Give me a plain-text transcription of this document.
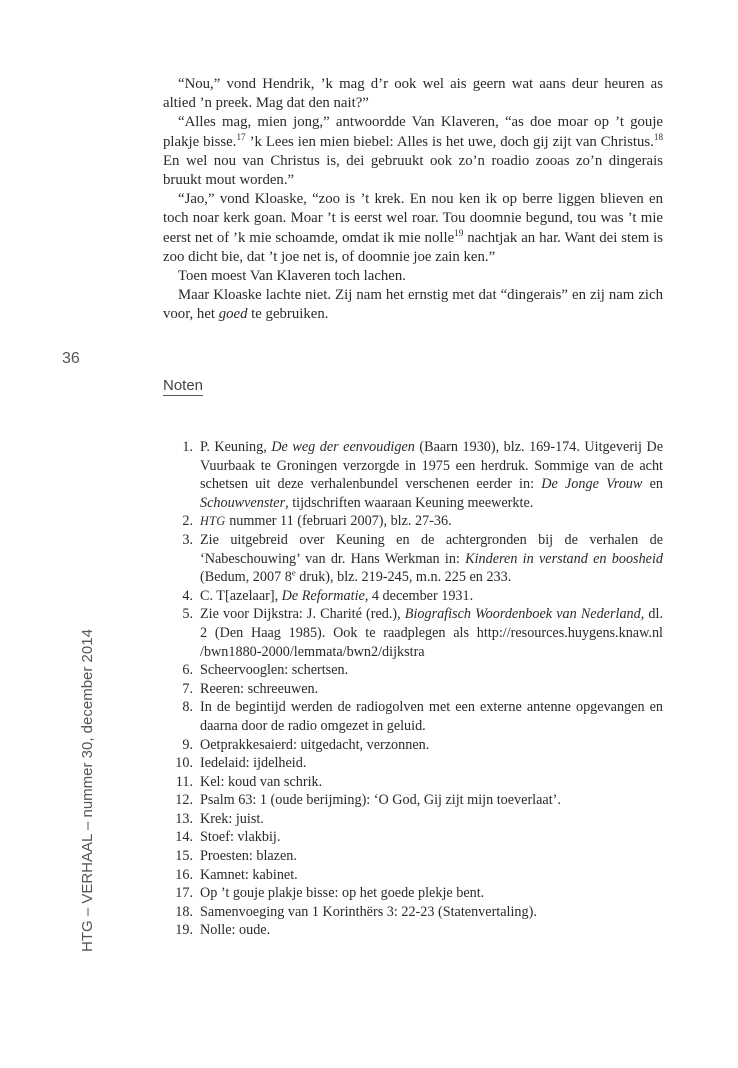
“Nou,” vond Hendrik, ’k mag d’r ook wel ais geern wat aans deur heuren as altied ’n preek. Mag dat den nait?”

“Alles mag, mien jong,” antwoordde Van Klaveren, “as doe moar op ’t gouje plakje bisse.$^{17}$ ’k Lees ien mien biebel: Alles is het uwe, doch gij zijt van Christus.$^{18}$ En wel nou van Christus is, dei gebruukt ook zo’n roadio zooas zo’n dingerais bruukt mout worden.”

“Jao,” vond Kloaske, “zoo is ’t krek. En nou ken ik op berre liggen blieven en toch noar kerk goan. Moar ’t is eerst wel roar. Tou doomnie begund, tou was ’t mie eerst net of ’k mie schoamde, omdat ik mie nolle$^{19}$ nachtjak an har. Want dei stem is zoo dicht bie, dat ’t joe net is, of doomnie joe zain ken.”

Toen moest Van Klaveren toch lachen.

Maar Kloaske lachte niet. Zij nam het ernstig met dat “dingerais” en zij nam zich voor, het goed te gebruiken.

36
Noten
1. P. Keuning, De weg der eenvoudigen (Baarn 1930), blz. 169-174. Uitgeverij De Vuurbaak te Groningen verzorgde in 1975 een herdruk. Sommige van de acht schetsen uit deze verhalenbundel verschenen eerder in: De Jonge Vrouw en Schouwvenster, tijdschriften waaraan Keuning meewerkte.
2. HTG nummer 11 (februari 2007), blz. 27-36.
3. Zie uitgebreid over Keuning en de achtergronden bij de verhalen de ‘Nabeschouwing’ van dr. Hans Werkman in: Kinderen in verstand en boosheid (Bedum, 2007 8e druk), blz. 219-245, m.n. 225 en 233.
4. C. T[azelaar], De Reformatie, 4 december 1931.
5. Zie voor Dijkstra: J. Charité (red.), Biografisch Woordenboek van Nederland, dl. 2 (Den Haag 1985). Ook te raadplegen als http://resources.huygens.knaw.nl /bwn1880-2000/lemmata/bwn2/dijkstra
6. Scheervooglen: schertsen.
7. Reeren: schreeuwen.
8. In de begintijd werden de radiogolven met een externe antenne opgevangen en daarna door de radio omgezet in geluid.
9. Oetprakkesaierd: uitgedacht, verzonnen.
10. Iedelaid: ijdelheid.
11. Kel: koud van schrik.
12. Psalm 63: 1 (oude berijming): ‘O God, Gij zijt mijn toeverlaat’.
13. Krek: juist.
14. Stoef: vlakbij.
15. Proesten: blazen.
16. Kamnet: kabinet.
17. Op ’t gouje plakje bisse: op het goede plekje bent.
18. Samenvoeging van 1 Korinthërs 3: 22-23 (Statenvertaling).
19. Nolle: oude.
HTG – VERHAAL – nummer 30, december 2014
